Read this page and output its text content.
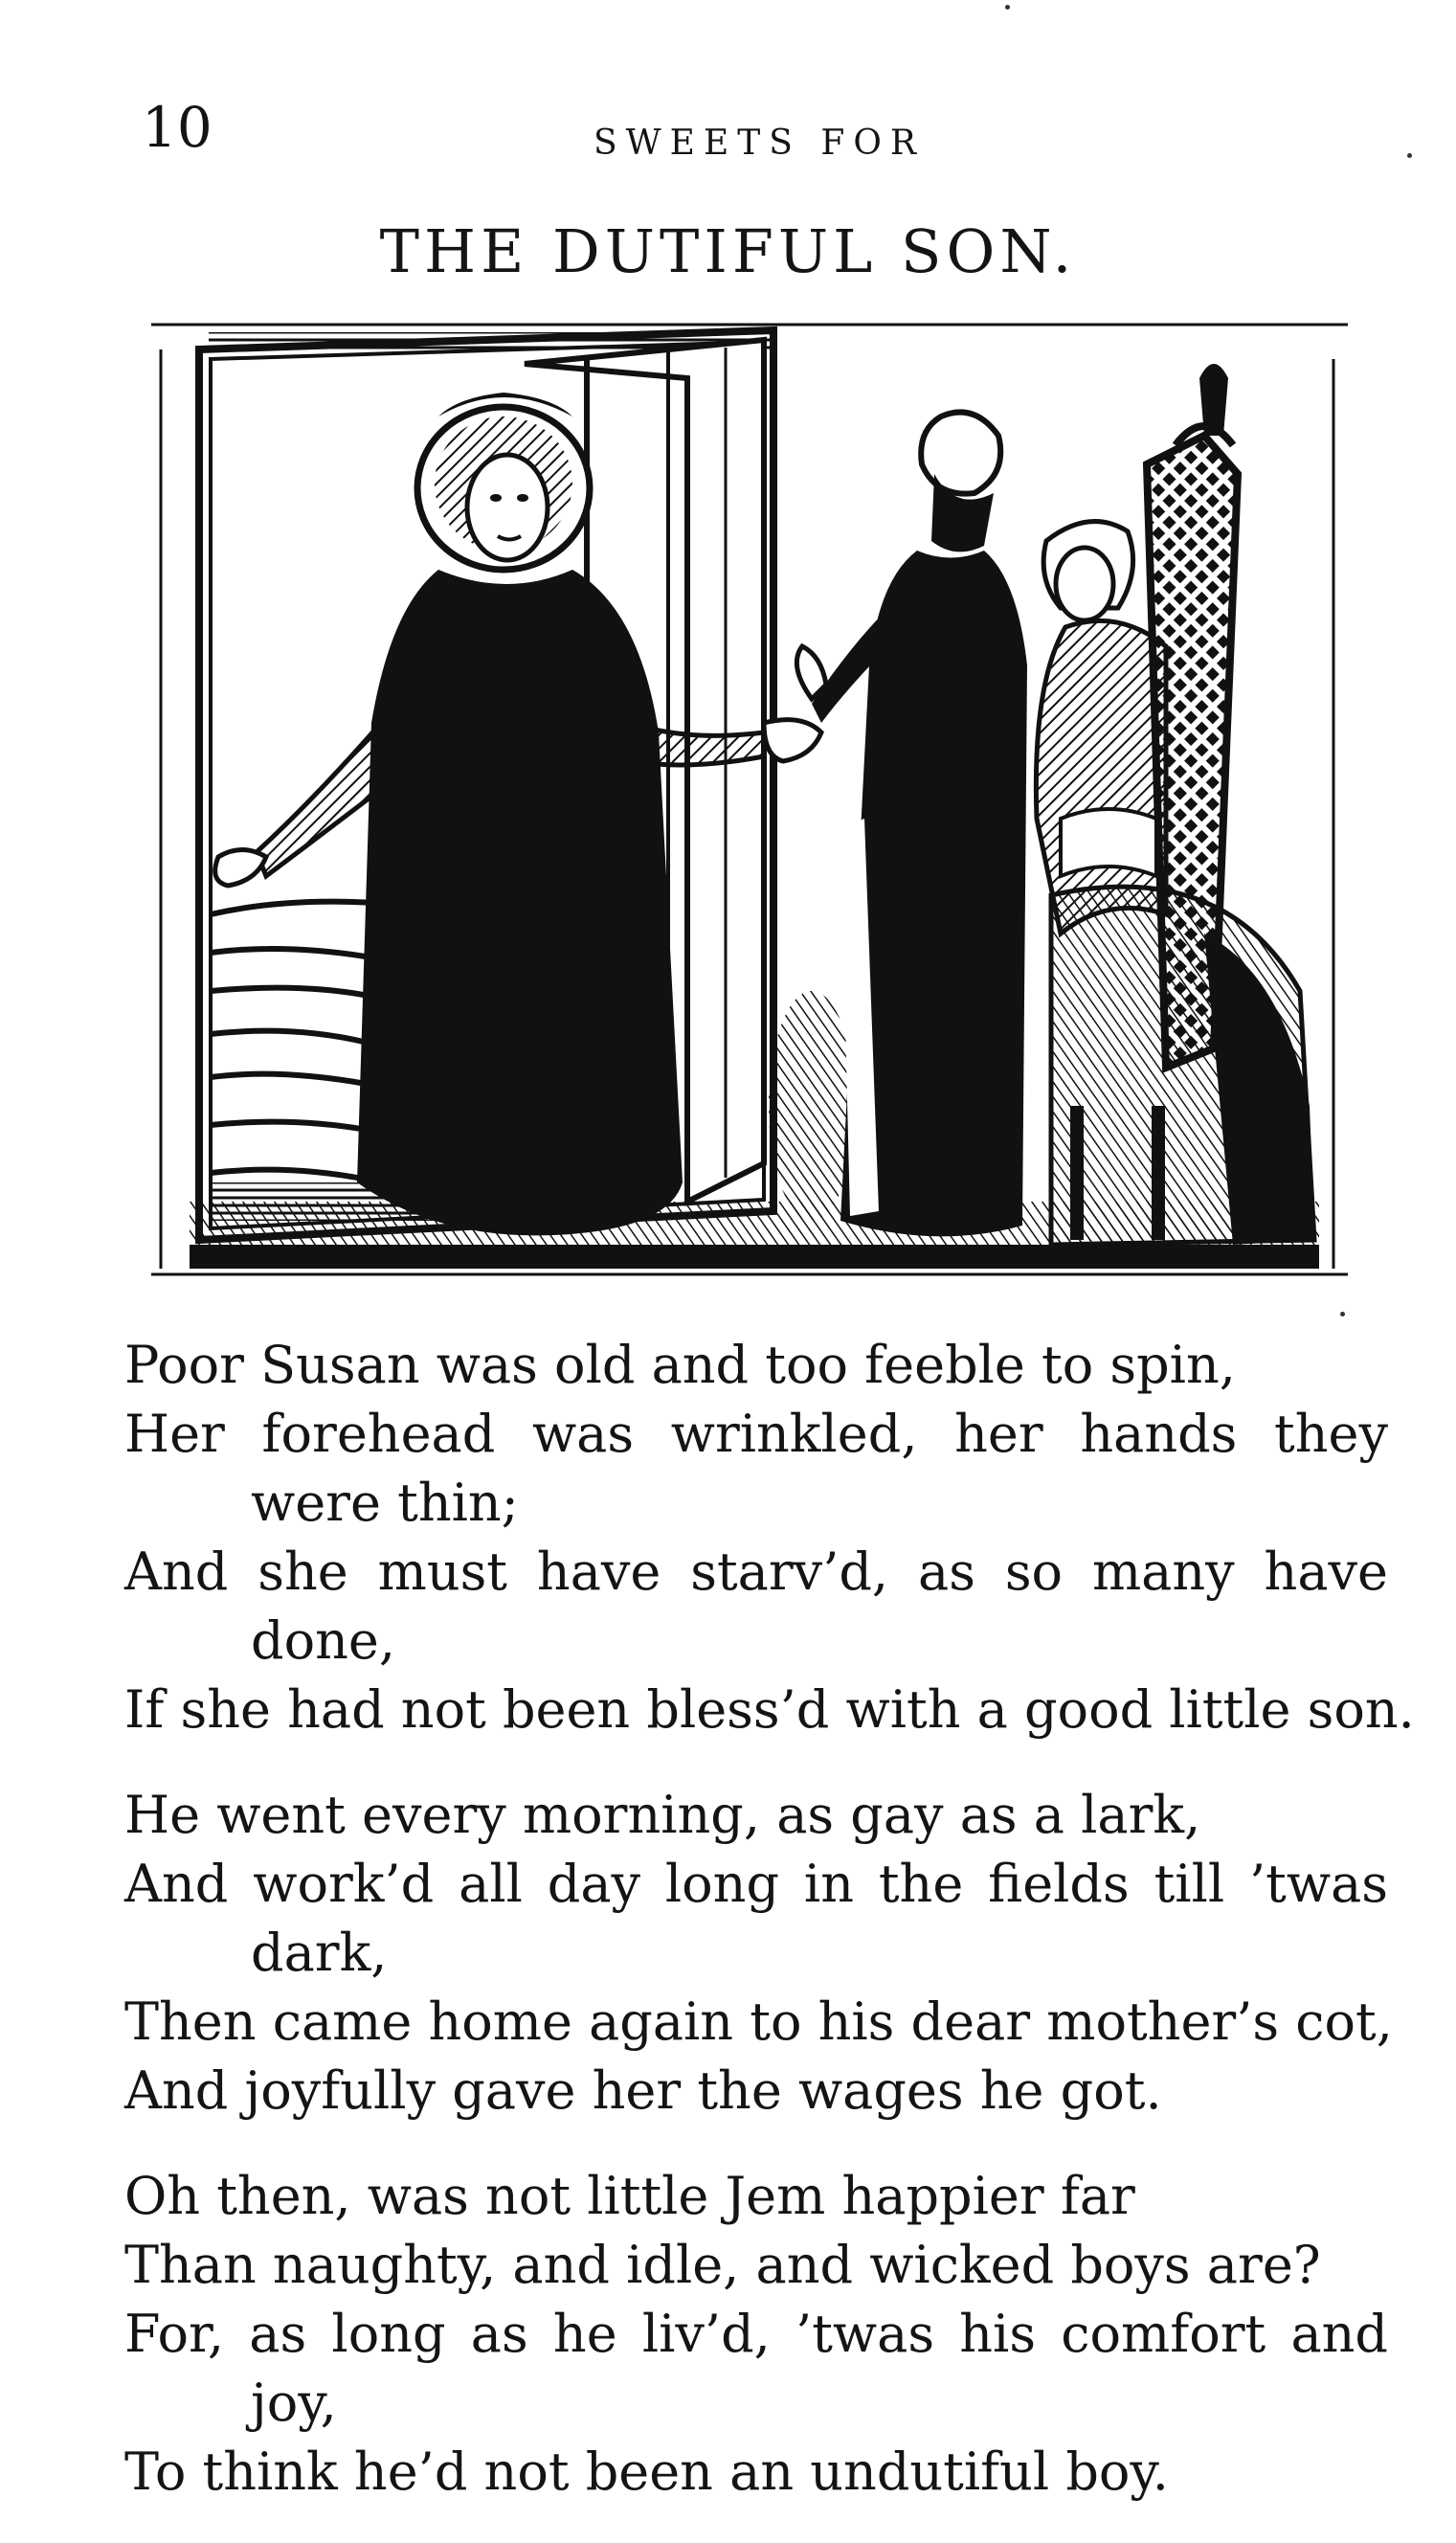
10	SWEETS FOR
THE DUTIFUL SON.
Poor Susan was old and too feeble to spin,
Her forehead was wrinkled, her hands they
were thin;
And she must have starv’d, as so many have
done,
If she had not been bless’d with a good little son.
He went every morning, as gay as a lark,
And work’d all day long in the fields till ’twas
dark,
Then came home again to his dear mother’s cot,
And joyfully gave her the wages he got.
Oh then, was not little Jem happier far
Than naughty, and idle, and wicked boys are?
For, as long as he liv’d, ’twas his comfort and
joy,
To think he’d not been an undutiful boy.
